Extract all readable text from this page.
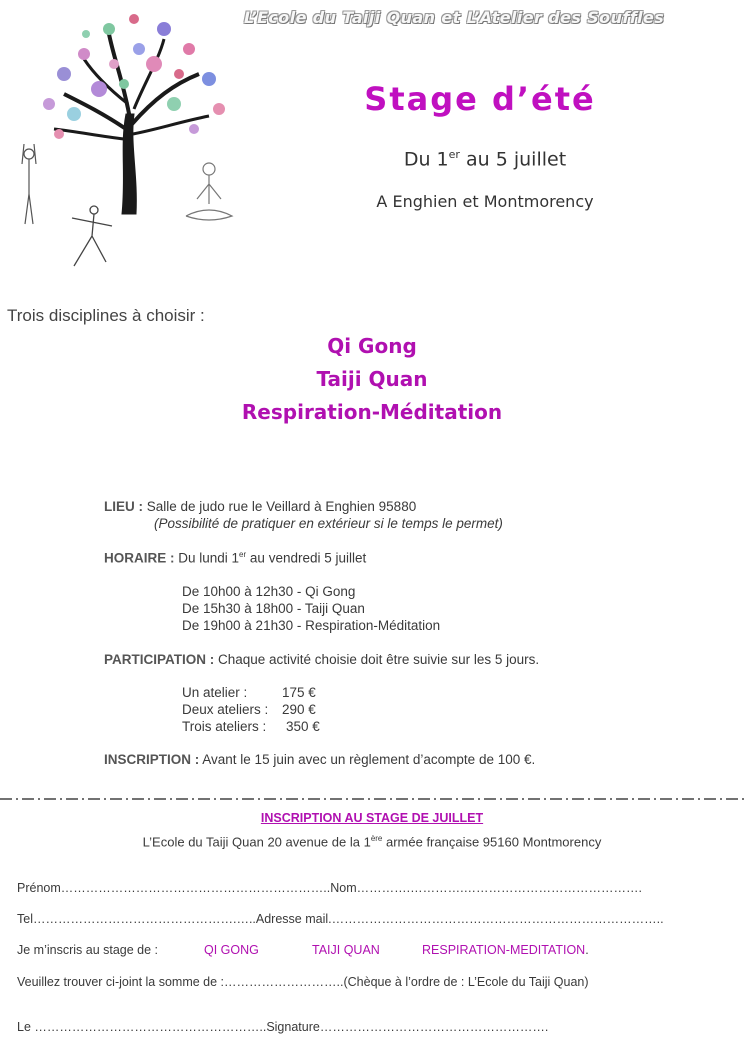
L’Ecole du Taiji Quan et L’Atelier des Souffles
Stage d’été
Du 1er au 5 juillet
A Enghien et Montmorency
Trois disciplines à choisir :
Qi Gong
Taiji Quan
Respiration-Méditation
LIEU : Salle de judo rue le Veillard à Enghien 95880
(Possibilité de pratiquer en extérieur si le temps le permet)
HORAIRE : Du lundi 1er au vendredi 5 juillet
De 10h00 à 12h30 - Qi Gong
De 15h30 à 18h00 - Taiji Quan
De 19h00 à 21h30 - Respiration-Méditation
PARTICIPATION : Chaque activité choisie doit être suivie sur les 5 jours.
Un atelier :	175 €
Deux ateliers : 290 €
Trois ateliers : 350 €
INSCRIPTION : Avant le 15 juin avec un règlement d’acompte de 100 €.
INSCRIPTION AU STAGE DE JUILLET
L’Ecole du Taiji Quan 20 avenue de la 1ère armée française 95160 Montmorency
Prénom………………………………………………………..Nom………….………….…………………………………….
Tel………………………………………….…..Adresse mail.……………………………………………………………………..
Je m’inscris au stage de :	QI GONG	TAIJI QUAN	RESPIRATION-MEDITATION.
Veuillez trouver ci-joint la somme de :………………………..(Chèque à l’ordre de : L’Ecole du Taiji Quan)
Le ………………………………………………..Signature……………………………………………….
